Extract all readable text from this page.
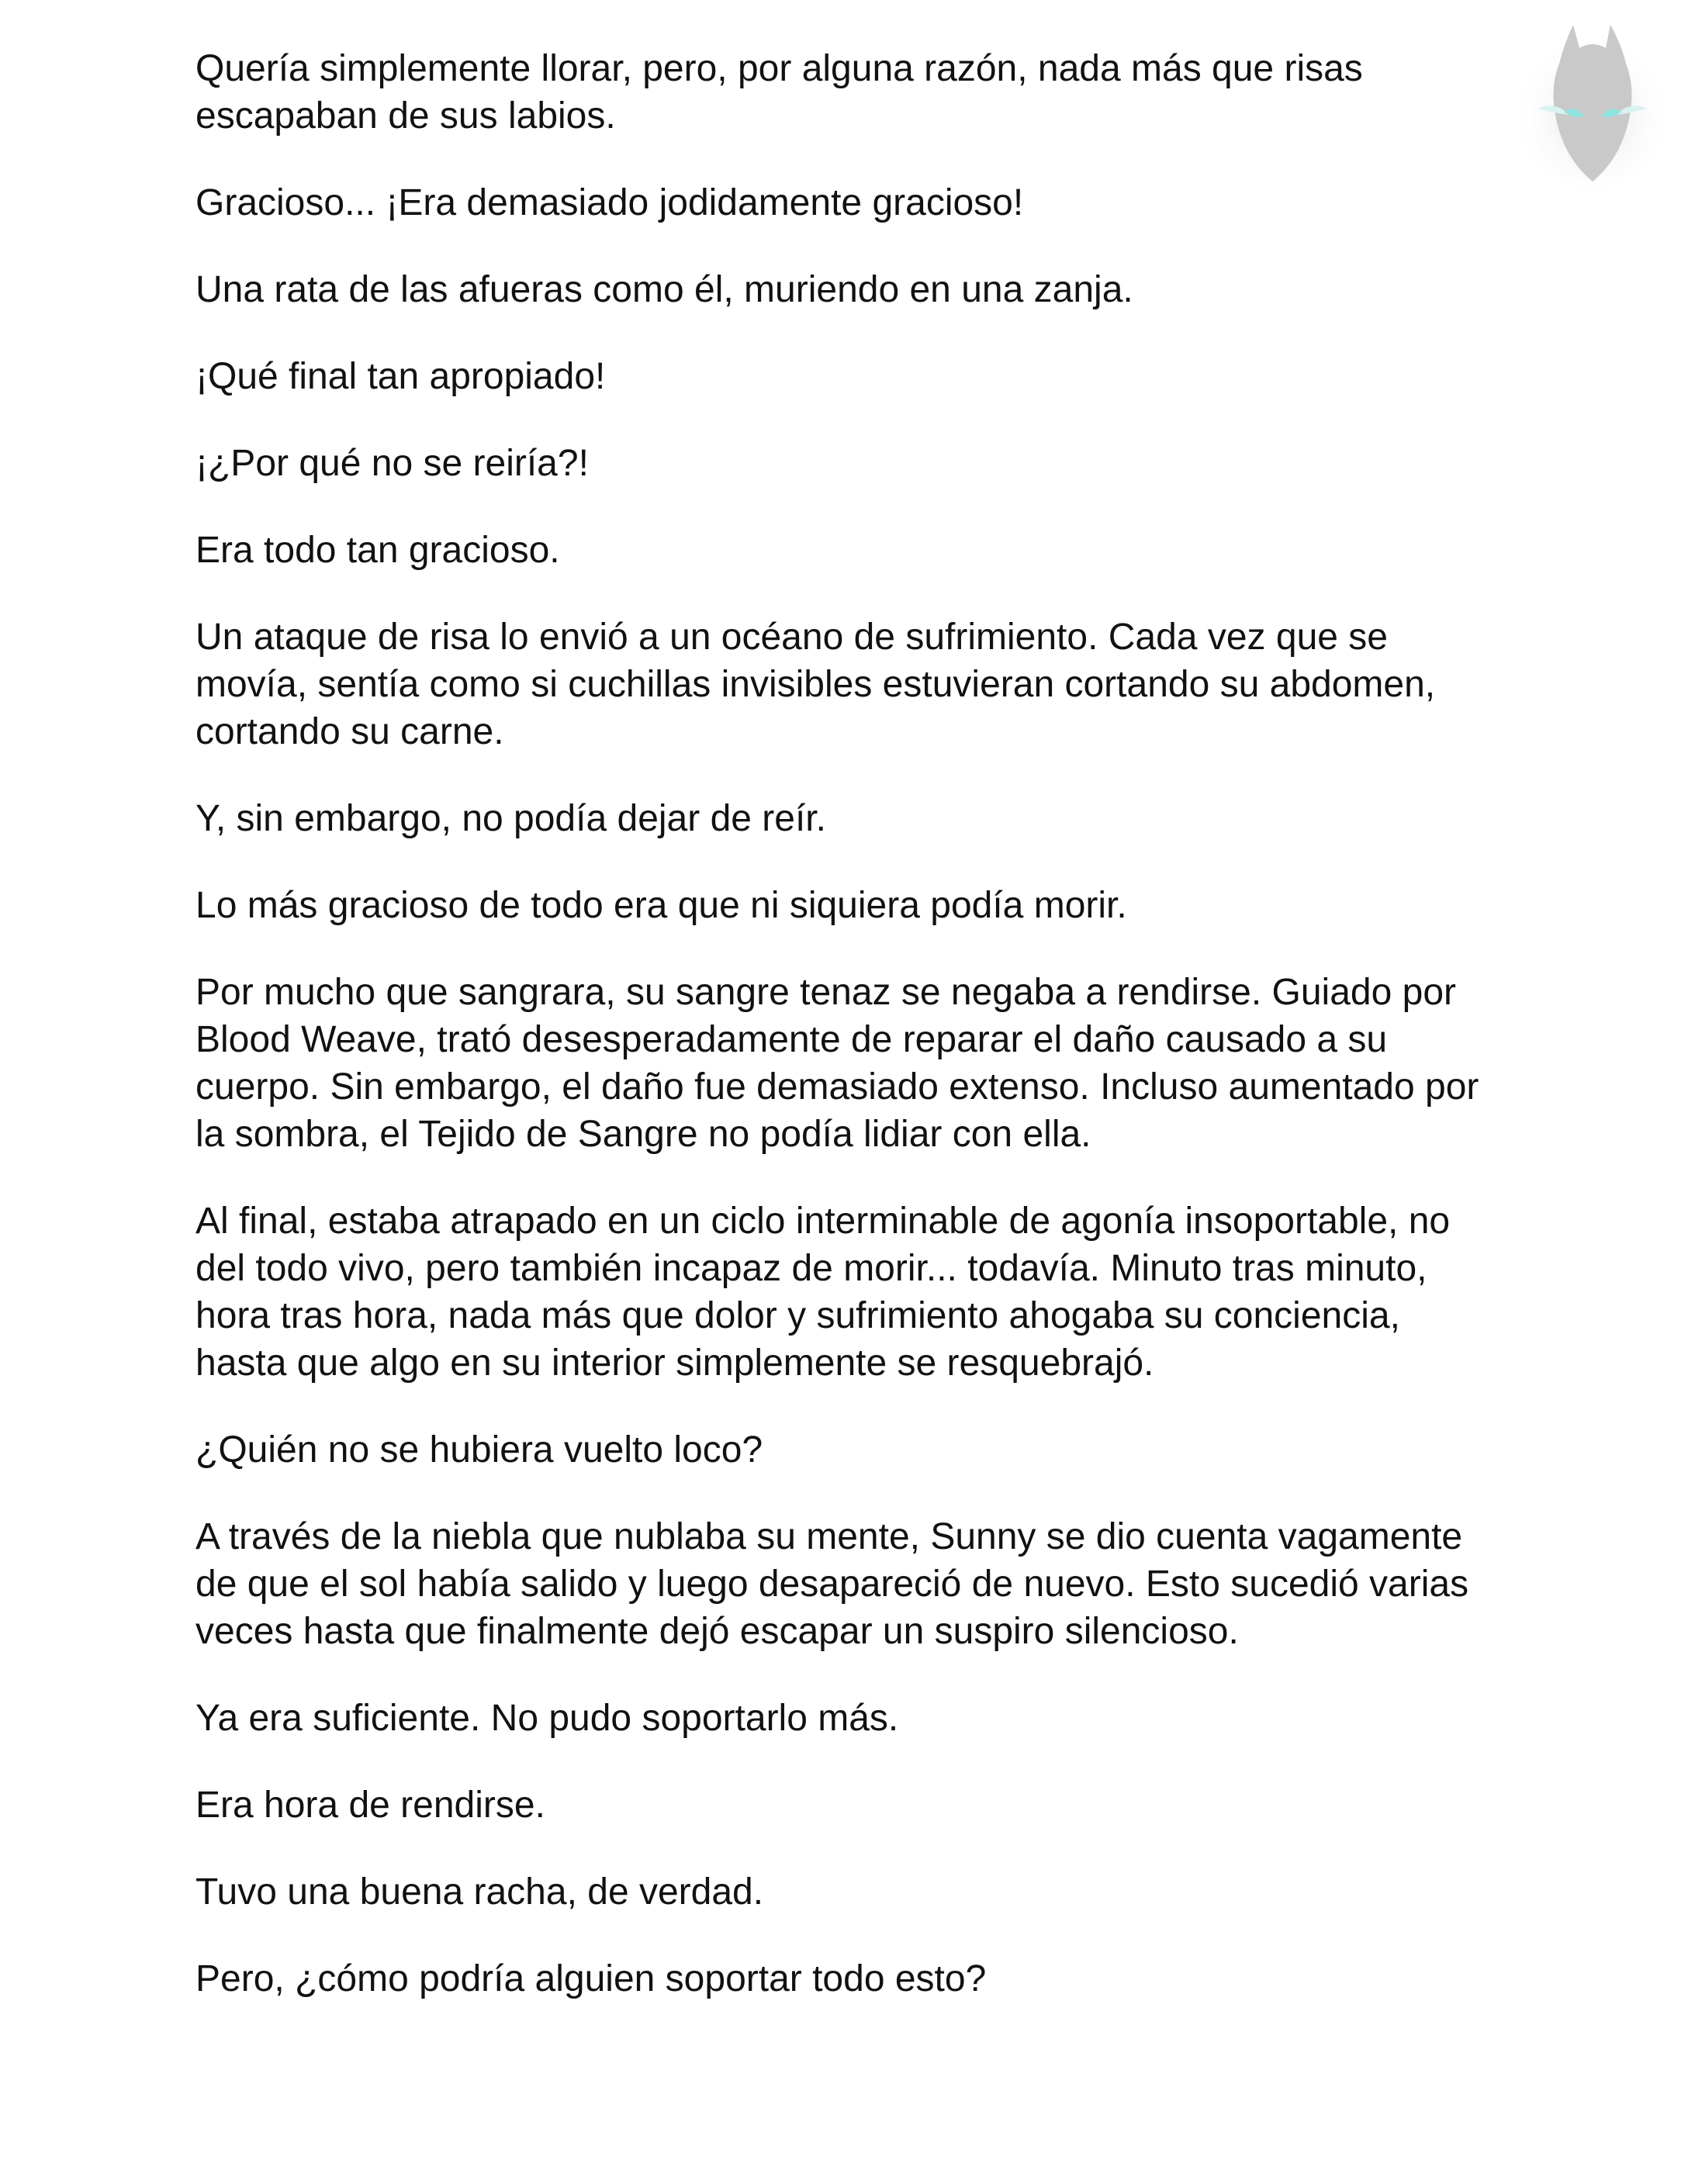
Quería simplemente llorar, pero, por alguna razón, nada más que risas escapaban de sus labios.

Gracioso... ¡Era demasiado jodidamente gracioso!

Una rata de las afueras como él, muriendo en una zanja.

¡Qué final tan apropiado!

¡¿Por qué no se reiría?!

Era todo tan gracioso.

Un ataque de risa lo envió a un océano de sufrimiento. Cada vez que se movía, sentía como si cuchillas invisibles estuvieran cortando su abdomen, cortando su carne.

Y, sin embargo, no podía dejar de reír.

Lo más gracioso de todo era que ni siquiera podía morir.

Por mucho que sangrara, su sangre tenaz se negaba a rendirse. Guiado por Blood Weave, trató desesperadamente de reparar el daño causado a su cuerpo. Sin embargo, el daño fue demasiado extenso. Incluso aumentado por la sombra, el Tejido de Sangre no podía lidiar con ella.

Al final, estaba atrapado en un ciclo interminable de agonía insoportable, no del todo vivo, pero también incapaz de morir... todavía. Minuto tras minuto, hora tras hora, nada más que dolor y sufrimiento ahogaba su conciencia, hasta que algo en su interior simplemente se resquebrajó.

¿Quién no se hubiera vuelto loco?

A través de la niebla que nublaba su mente, Sunny se dio cuenta vagamente de que el sol había salido y luego desapareció de nuevo. Esto sucedió varias veces hasta que finalmente dejó escapar un suspiro silencioso.

Ya era suficiente. No pudo soportarlo más.

Era hora de rendirse.

Tuvo una buena racha, de verdad.

Pero, ¿cómo podría alguien soportar todo esto?
